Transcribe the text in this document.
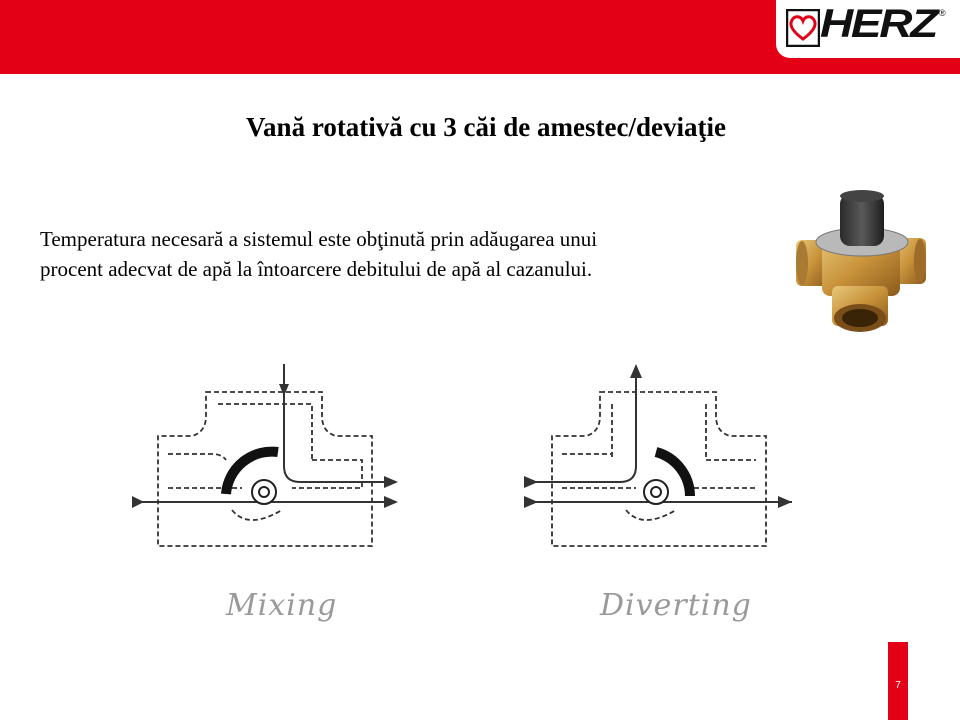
HERZ ®
Vană rotativă cu 3 căi de amestec/deviaţie
Temperatura necesară a sistemul este obţinută prin adăugarea unui
procent adecvat de apă la întoarcere debitului de apă al cazanului.
Mixing	Diverting
7
